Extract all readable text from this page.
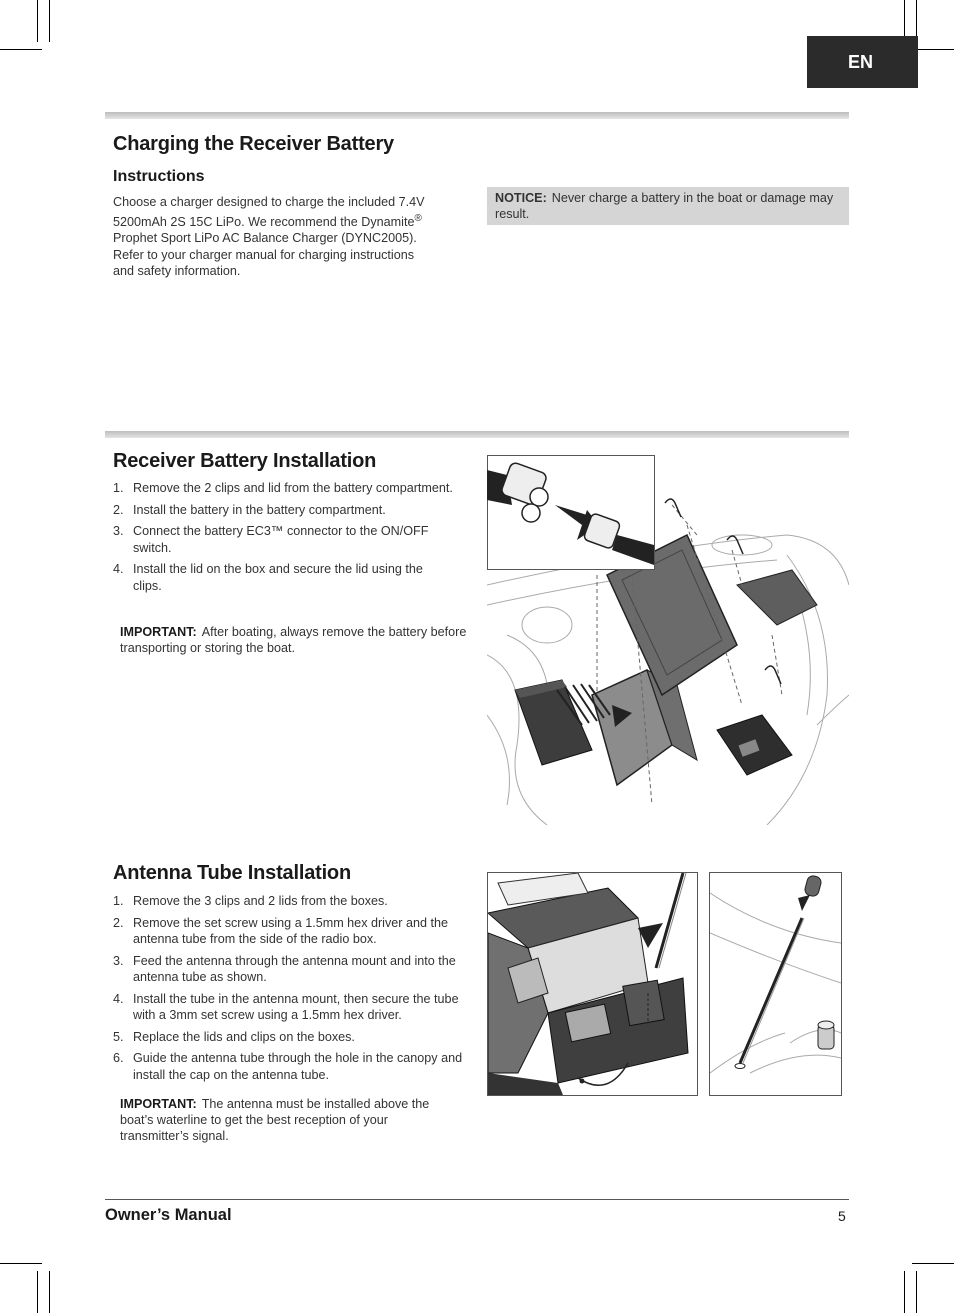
EN
Charging the Receiver Battery
Instructions
Choose a charger designed to charge the included 7.4V
5200mAh 2S 15C LiPo. We recommend the Dynamite®
Prophet Sport LiPo AC Balance Charger (DYNC2005).
Refer to your charger manual for charging instructions
and safety information.
NOTICE: Never charge a battery in the boat or damage may result.
Receiver Battery Installation
1. Remove the 2 clips and lid from the battery compartment.
2. Install the battery in the battery compartment.
3. Connect the battery EC3™ connector to the ON/OFF switch.
4. Install the lid on the box and secure the lid using the clips.
IMPORTANT: After boating, always remove the battery before transporting or storing the boat.
Antenna Tube Installation
1. Remove the 3 clips and 2 lids from the boxes.
2. Remove the set screw using a 1.5mm hex driver and the antenna tube from the side of the radio box.
3. Feed the antenna through the antenna mount and into the antenna tube as shown.
4. Install the tube in the antenna mount, then secure the tube with a 3mm set screw using a 1.5mm hex driver.
5. Replace the lids and clips on the boxes.
6. Guide the antenna tube through the hole in the canopy and install the cap on the antenna tube.
IMPORTANT: The antenna must be installed above the boat’s waterline to get the best reception of your transmitter’s signal.
Owner’s Manual	5
